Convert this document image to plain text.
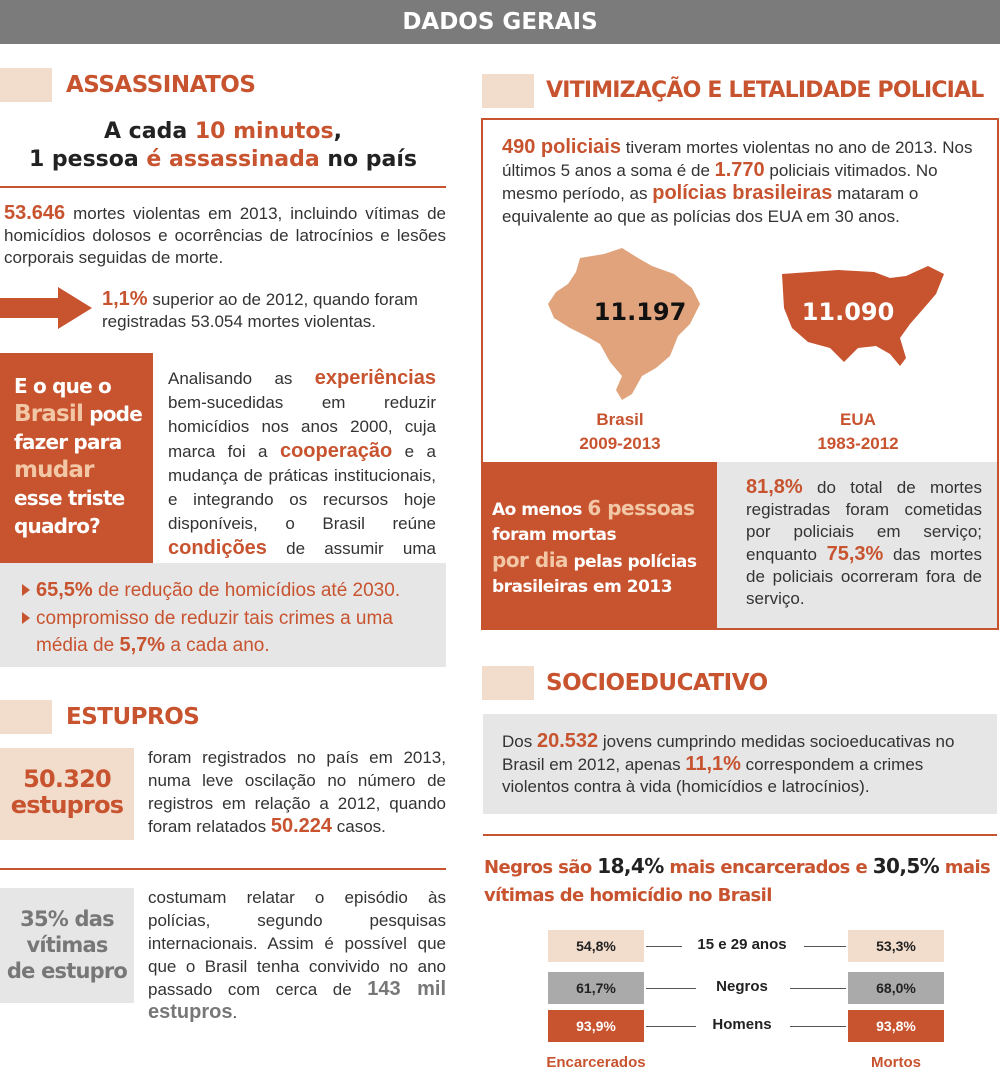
DADOS GERAIS
ASSASSINATOS
A cada 10 minutos,
1 pessoa é assassinada no país
53.646 mortes violentas em 2013, incluindo vítimas de homicídios dolosos e ocorrências de latrocínios e lesões corporais seguidas de morte.
1,1% superior ao de 2012, quando foram
registradas 53.054 mortes violentas.
E o que o
Brasil pode
fazer para
mudar
esse triste
quadro?
Analisando as experiências bem-sucedidas em reduzir homicídios nos anos 2000, cuja marca foi a cooperação e a mudança de práticas institucionais, e integrando os recursos hoje disponíveis, o Brasil reúne condições de assumir uma
65,5% de redução de homicídios até 2030.
compromisso de reduzir tais crimes a uma
média de 5,7% a cada ano.
ESTUPROS
50.320
estupros
foram registrados no país em 2013, numa leve oscilação no número de registros em relação a 2012, quando foram relatados 50.224 casos.
35% das
vítimas
de estupro
costumam relatar o episódio às polícias, segundo pesquisas internacionais. Assim é possível que que o Brasil tenha convivido no ano passado com cerca de 143 mil estupros.
VITIMIZAÇÃO E LETALIDADE POLICIAL
490 policiais tiveram mortes violentas no ano de 2013. Nos últimos 5 anos a soma é de 1.770 policiais vitimados. No mesmo período, as polícias brasileiras mataram o equivalente ao que as polícias dos EUA em 30 anos.
11.197
Brasil
2009-2013
11.090
EUA
1983-2012
Ao menos 6 pessoas
foram mortas
por dia pelas polícias
brasileiras em 2013
81,8% do total de mortes registradas foram cometidas por policiais em serviço; enquanto 75,3% das mortes de policiais ocorreram fora de serviço.
SOCIOEDUCATIVO
Dos 20.532 jovens cumprindo medidas socioeducativas no Brasil em 2012, apenas 11,1% correspondem a crimes violentos contra à vida (homicídios e latrocínios).
Negros são 18,4% mais encarcerados e 30,5% mais
vítimas de homicídio no Brasil
54,8%	15 e 29 anos	53,3%
61,7%	Negros	68,0%
93,9%	Homens	93,8%
Encarcerados	Mortos
